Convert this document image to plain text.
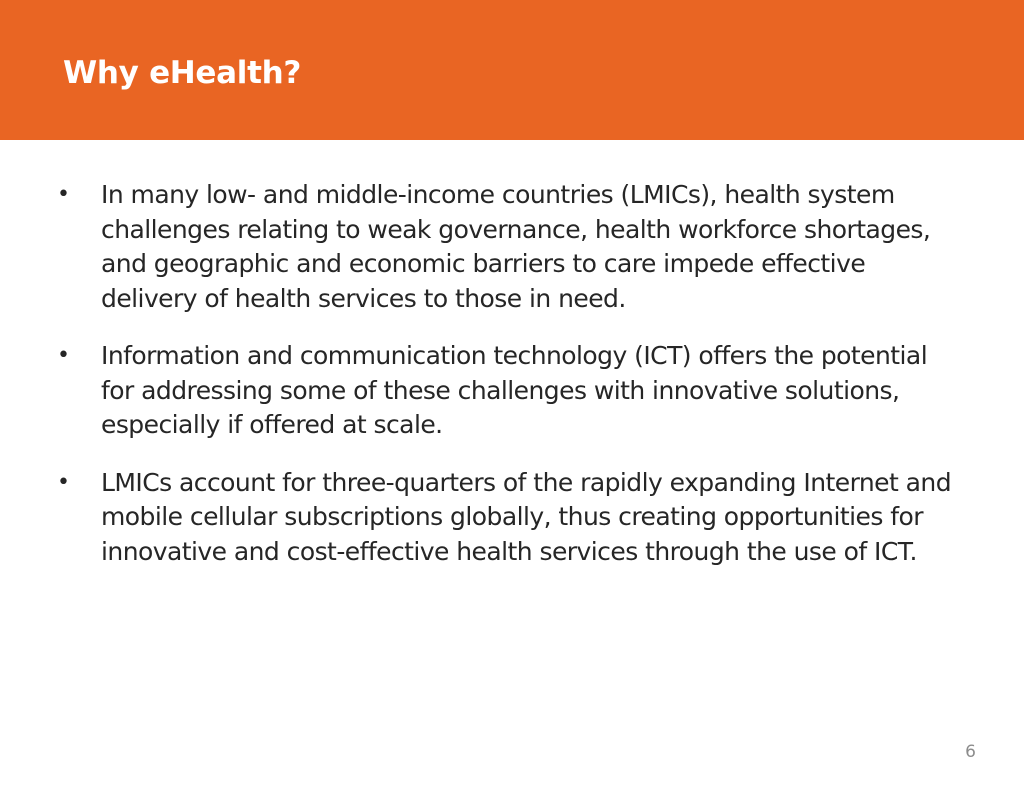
Why eHealth?
•	In many low- and middle-income countries (LMICs), health system challenges relating to weak governance, health workforce shortages, and geographic and economic barriers to care impede effective delivery of health services to those in need.
•	Information and communication technology (ICT) offers the potential for addressing some of these challenges with innovative solutions, especially if offered at scale.
•	LMICs account for three-quarters of the rapidly expanding Internet and mobile cellular subscriptions globally, thus creating opportunities for innovative and cost-effective health services through the use of ICT.
6
